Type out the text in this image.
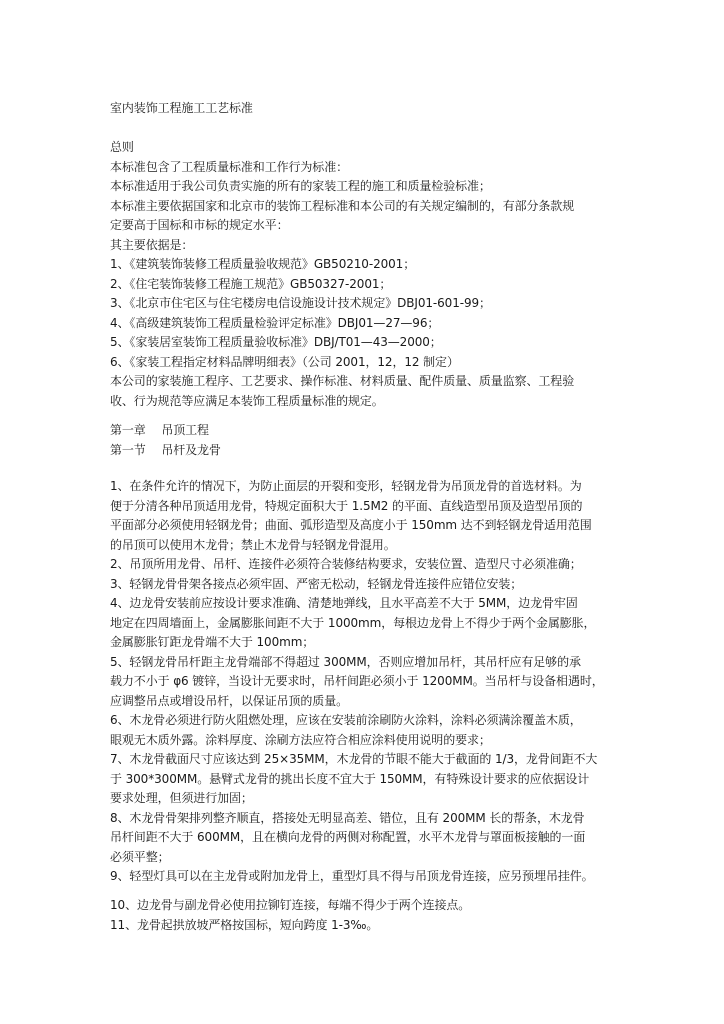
室内装饰工程施工工艺标准
总则
本标准包含了工程质量标准和工作行为标准：
本标准适用于我公司负责实施的所有的家装工程的施工和质量检验标准；
本标准主要依据国家和北京市的装饰工程标准和本公司的有关规定编制的，有部分条款规
定要高于国标和市标的规定水平：
其主要依据是：
1、《建筑装饰装修工程质量验收规范》GB50210-2001；
2、《住宅装饰装修工程施工规范》GB50327-2001；
3、《北京市住宅区与住宅楼房电信设施设计技术规定》DBJ01-601-99；
4、《高级建筑装饰工程质量检验评定标准》DBJ01—27—96；
5、《家装居室装饰工程质量验收标准》DBJ/T01—43—2000；
6、《家装工程指定材料品牌明细表》（公司 2001，12，12 制定）
本公司的家装施工程序、工艺要求、操作标准、材料质量、配件质量、质量监察、工程验
收、行为规范等应满足本装饰工程质量标准的规定。
第一章　 吊顶工程
第一节　 吊杆及龙骨
1、在条件允许的情况下，为防止面层的开裂和变形，轻钢龙骨为吊顶龙骨的首选材料。为
便于分清各种吊顶适用龙骨，特规定面积大于 1.5M2 的平面、直线造型吊顶及造型吊顶的
平面部分必须使用轻钢龙骨；曲面、弧形造型及高度小于 150mm 达不到轻钢龙骨适用范围
的吊顶可以使用木龙骨；禁止木龙骨与轻钢龙骨混用。
2、吊顶所用龙骨、吊杆、连接件必须符合装修结构要求，安装位置、造型尺寸必须准确；
3、轻钢龙骨骨架各接点必须牢固、严密无松动，轻钢龙骨连接件应错位安装；
4、边龙骨安装前应按设计要求准确、清楚地弹线，且水平高差不大于 5MM，边龙骨牢固
地定在四周墙面上，金属膨胀间距不大于 1000mm，每根边龙骨上不得少于两个金属膨胀，
金属膨胀钉距龙骨端不大于 100mm；
5、轻钢龙骨吊杆距主龙骨端部不得超过 300MM，否则应增加吊杆，其吊杆应有足够的承
载力不小于 φ6 镀锌，当设计无要求时，吊杆间距必须小于 1200MM。当吊杆与设备相遇时，
应调整吊点或增设吊杆，以保证吊顶的质量。
6、木龙骨必须进行防火阻燃处理，应该在安装前涂刷防火涂料，涂料必须满涂覆盖木质，
眼观无木质外露。涂料厚度、涂刷方法应符合相应涂料使用说明的要求；
7、木龙骨截面尺寸应该达到 25×35MM，木龙骨的节眼不能大于截面的 1/3，龙骨间距不大
于 300*300MM。悬臂式龙骨的挑出长度不宜大于 150MM，有特殊设计要求的应依据设计
要求处理，但须进行加固；
8、木龙骨骨架排列整齐顺直，搭接处无明显高差、错位，且有 200MM 长的帮条，木龙骨
吊杆间距不大于 600MM，且在横向龙骨的两侧对称配置，水平木龙骨与罩面板接触的一面
必须平整；
9、轻型灯具可以在主龙骨或附加龙骨上，重型灯具不得与吊顶龙骨连接，应另预埋吊挂件。
10、边龙骨与副龙骨必使用拉铆钉连接，每端不得少于两个连接点。
11、龙骨起拱放坡严格按国标，短向跨度 1-3‰。
